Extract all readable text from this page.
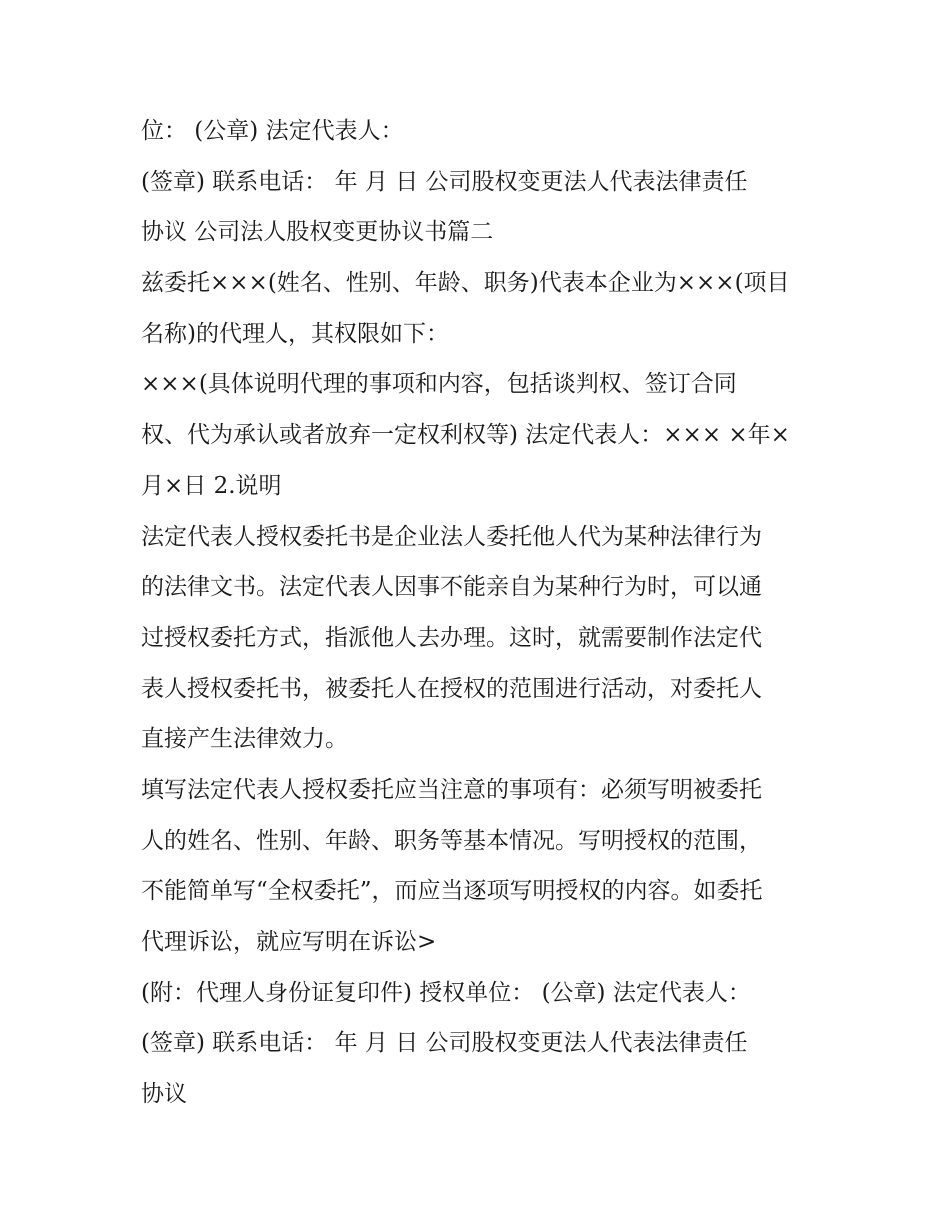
位： (公章) 法定代表人：
(签章) 联系电话： 年 月 日 公司股权变更法人代表法律责任
协议 公司法人股权变更协议书篇二
兹委托×××(姓名、性别、年龄、职务)代表本企业为×××(项目
名称)的代理人，其权限如下：
×××(具体说明代理的事项和内容，包括谈判权、签订合同
权、代为承认或者放弃一定权利权等) 法定代表人：××× ×年×
月×日 2.说明
法定代表人授权委托书是企业法人委托他人代为某种法律行为
的法律文书。法定代表人因事不能亲自为某种行为时，可以通
过授权委托方式，指派他人去办理。这时，就需要制作法定代
表人授权委托书，被委托人在授权的范围进行活动，对委托人
直接产生法律效力。
填写法定代表人授权委托应当注意的事项有：必须写明被委托
人的姓名、性别、年龄、职务等基本情况。写明授权的范围，
不能简单写“全权委托”，而应当逐项写明授权的内容。如委托
代理诉讼，就应写明在诉讼>
(附：代理人身份证复印件) 授权单位： (公章) 法定代表人：
(签章) 联系电话： 年 月 日 公司股权变更法人代表法律责任
协议
